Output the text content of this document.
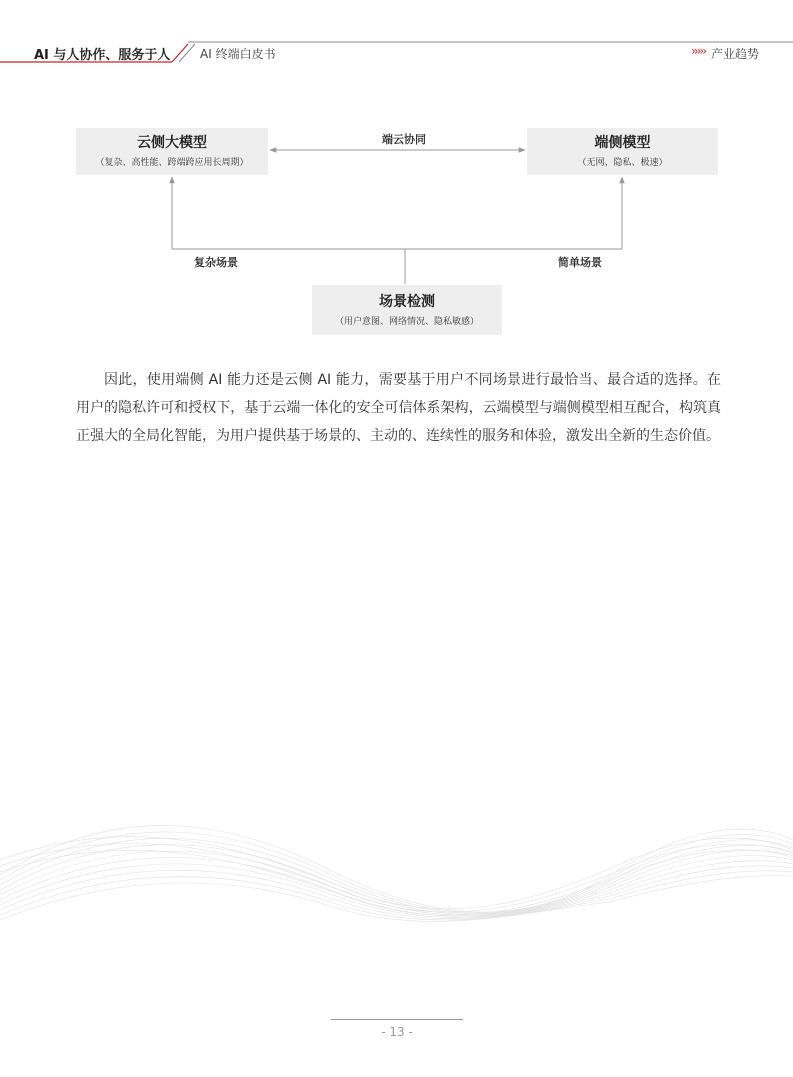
AI 与人协作、服务于人 AI 终端白皮书	››››› 产业趋势
云侧大模型
（复杂、高性能、跨端跨应用长周期）
端侧模型
（无网、隐私、极速）
场景检测
（用户意图、网络情况、隐私敏感）
端云协同
复杂场景	简单场景

因此，使用端侧 AI 能力还是云侧 AI 能力，需要基于用户不同场景进行最恰当、最合适的选择。在用户的隐私许可和授权下，基于云端一体化的安全可信体系架构，云端模型与端侧模型相互配合，构筑真正强大的全局化智能，为用户提供基于场景的、主动的、连续性的服务和体验，激发出全新的生态价值。

- 13 -
